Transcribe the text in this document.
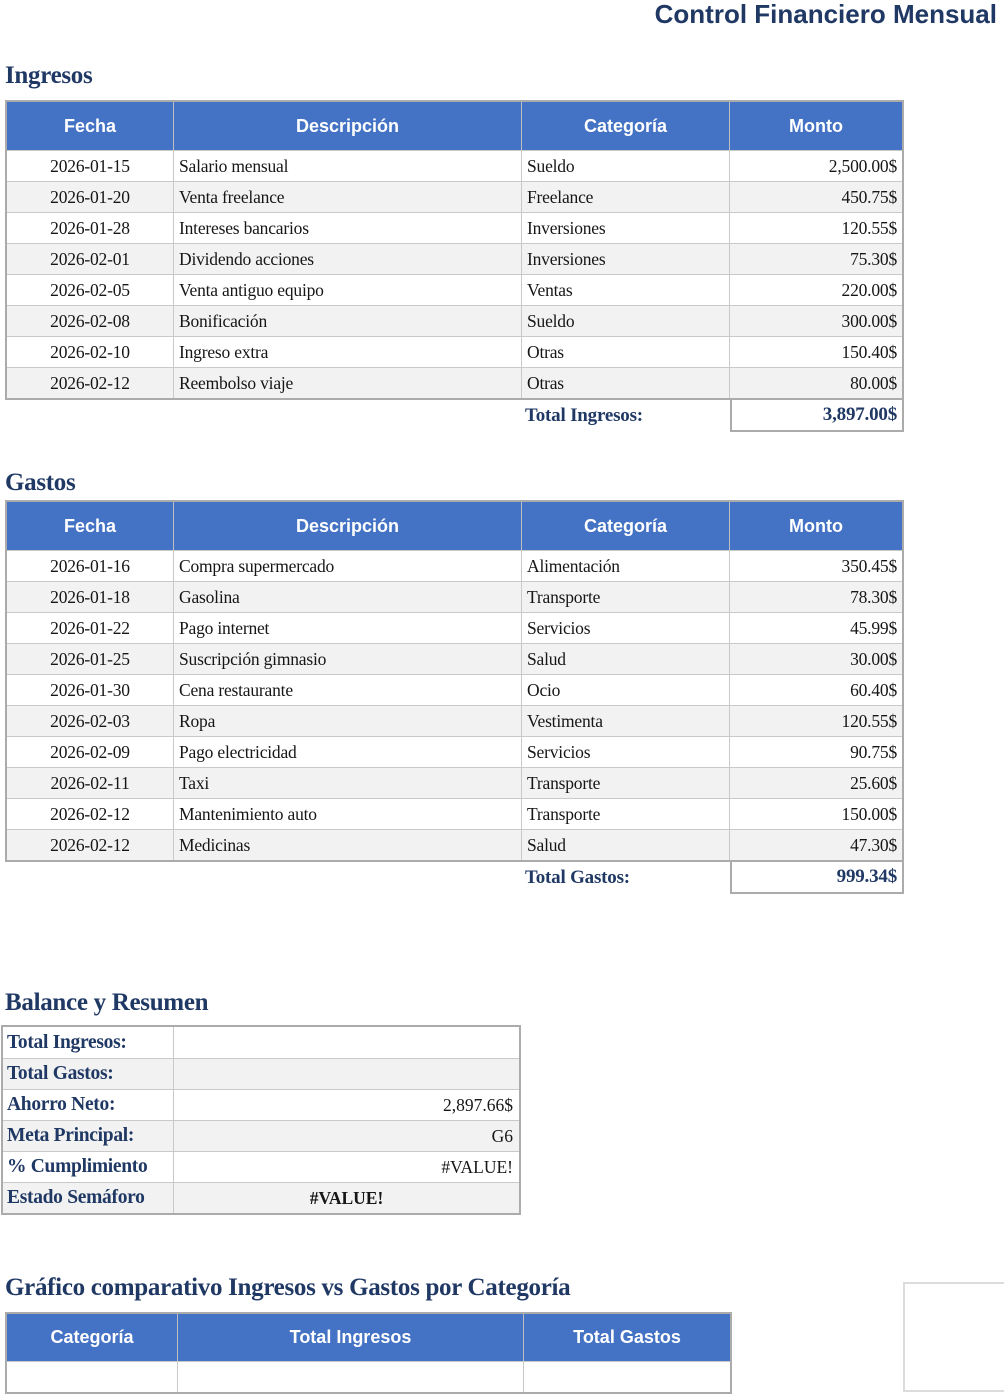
Control Financiero Mensual
Ingresos
Fecha	Descripción	Categoría	Monto
2026-01-15	Salario mensual	Sueldo	2,500.00$
2026-01-20	Venta freelance	Freelance	450.75$
2026-01-28	Intereses bancarios	Inversiones	120.55$
2026-02-01	Dividendo acciones	Inversiones	75.30$
2026-02-05	Venta antiguo equipo	Ventas	220.00$
2026-02-08	Bonificación	Sueldo	300.00$
2026-02-10	Ingreso extra	Otras	150.40$
2026-02-12	Reembolso viaje	Otras	80.00$
Total Ingresos:	3,897.00$
Gastos
Fecha	Descripción	Categoría	Monto
2026-01-16	Compra supermercado	Alimentación	350.45$
2026-01-18	Gasolina	Transporte	78.30$
2026-01-22	Pago internet	Servicios	45.99$
2026-01-25	Suscripción gimnasio	Salud	30.00$
2026-01-30	Cena restaurante	Ocio	60.40$
2026-02-03	Ropa	Vestimenta	120.55$
2026-02-09	Pago electricidad	Servicios	90.75$
2026-02-11	Taxi	Transporte	25.60$
2026-02-12	Mantenimiento auto	Transporte	150.00$
2026-02-12	Medicinas	Salud	47.30$
Total Gastos:	999.34$
Balance y Resumen
Total Ingresos:
Total Gastos:
Ahorro Neto:	2,897.66$
Meta Principal:	G6
% Cumplimiento	#VALUE!
Estado Semáforo	#VALUE!
Gráfico comparativo Ingresos vs Gastos por Categoría
Categoría	Total Ingresos	Total Gastos
